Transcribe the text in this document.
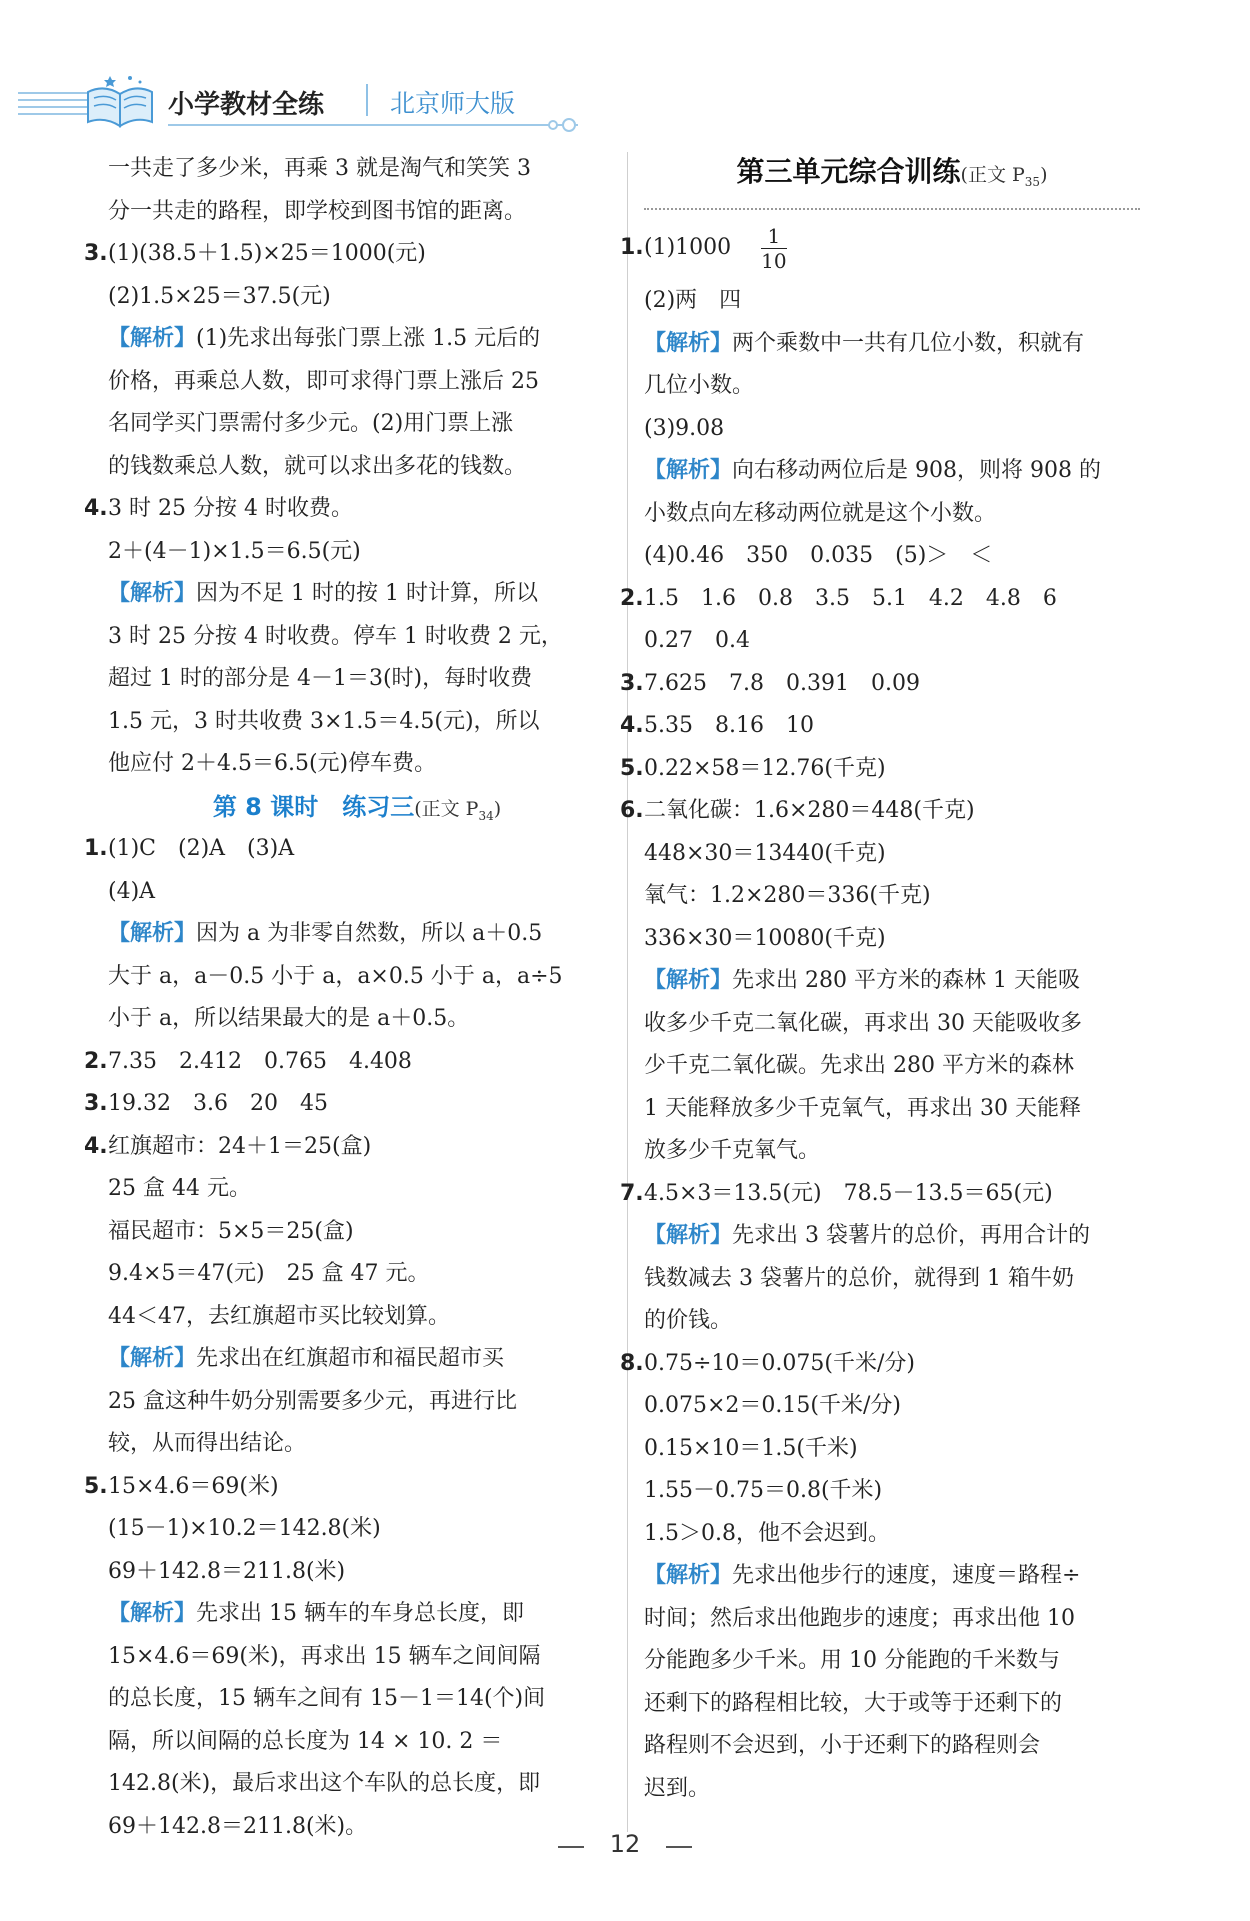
小学教材全练	北京师大版
一共走了多少米，再乘 3 就是淘气和笑笑 3
分一共走的路程，即学校到图书馆的距离。
3. (1)(38.5＋1.5)×25＝1000(元)
(2)1.5×25＝37.5(元)
【解析】(1)先求出每张门票上涨 1.5 元后的
价格，再乘总人数，即可求得门票上涨后 25
名同学买门票需付多少元。(2)用门票上涨
的钱数乘总人数，就可以求出多花的钱数。
4. 3 时 25 分按 4 时收费。
2＋(4－1)×1.5＝6.5(元)
【解析】因为不足 1 时的按 1 时计算，所以
3 时 25 分按 4 时收费。停车 1 时收费 2 元，
超过 1 时的部分是 4－1＝3(时)，每时收费
1.5 元，3 时共收费 3×1.5＝4.5(元)，所以
他应付 2＋4.5＝6.5(元)停车费。
第 8 课时　练习三(正文 $P_{34}$)
1. (1)C　(2)A　(3)A
(4)A
【解析】因为 a 为非零自然数，所以 a＋0.5
大于 a，a－0.5 小于 a，a×0.5 小于 a，a÷5
小于 a，所以结果最大的是 a＋0.5。
2. 7.35　2.412　0.765　4.408
3. 19.32　3.6　20　45
4. 红旗超市：24＋1＝25(盒)
25 盒 44 元。
福民超市：5×5＝25(盒)
9.4×5＝47(元)　25 盒 47 元。
44＜47，去红旗超市买比较划算。
【解析】先求出在红旗超市和福民超市买
25 盒这种牛奶分别需要多少元，再进行比
较，从而得出结论。
5. 15×4.6＝69(米)
(15－1)×10.2＝142.8(米)
69＋142.8＝211.8(米)
【解析】先求出 15 辆车的车身总长度，即
15×4.6＝69(米)，再求出 15 辆车之间间隔
的总长度，15 辆车之间有 15－1＝14(个)间
隔，所以间隔的总长度为 14 × 10. 2 ＝
142.8(米)，最后求出这个车队的总长度，即
69＋142.8＝211.8(米)。
第三单元综合训练(正文 $P_{35}$)
1. $(1)1000 \frac{1}{10}$
(2)两　四
【解析】两个乘数中一共有几位小数，积就有
几位小数。
(3)9.08
【解析】向右移动两位后是 908，则将 908 的
小数点向左移动两位就是这个小数。
(4)0.46　350　0.035　(5)＞　＜
2. 1.5　1.6　0.8　3.5　5.1　4.2　4.8　6
0.27　0.4
3. 7.625　7.8　0.391　0.09
4. 5.35　8.16　10
5. 0.22×58＝12.76(千克)
6. 二氧化碳：1.6×280＝448(千克)
448×30＝13440(千克)
氧气：1.2×280＝336(千克)
336×30＝10080(千克)
【解析】先求出 280 平方米的森林 1 天能吸
收多少千克二氧化碳，再求出 30 天能吸收多
少千克二氧化碳。先求出 280 平方米的森林
1 天能释放多少千克氧气，再求出 30 天能释
放多少千克氧气。
7. 4.5×3＝13.5(元)　78.5－13.5＝65(元)
【解析】先求出 3 袋薯片的总价，再用合计的
钱数减去 3 袋薯片的总价，就得到 1 箱牛奶
的价钱。
8. 0.75÷10＝0.075(千米/分)
0.075×2＝0.15(千米/分)
0.15×10＝1.5(千米)
1.55－0.75＝0.8(千米)
1.5＞0.8，他不会迟到。
【解析】先求出他步行的速度，速度＝路程÷
时间；然后求出他跑步的速度；再求出他 10
分能跑多少千米。用 10 分能跑的千米数与
还剩下的路程相比较，大于或等于还剩下的
路程则不会迟到，小于还剩下的路程则会
迟到。
12
